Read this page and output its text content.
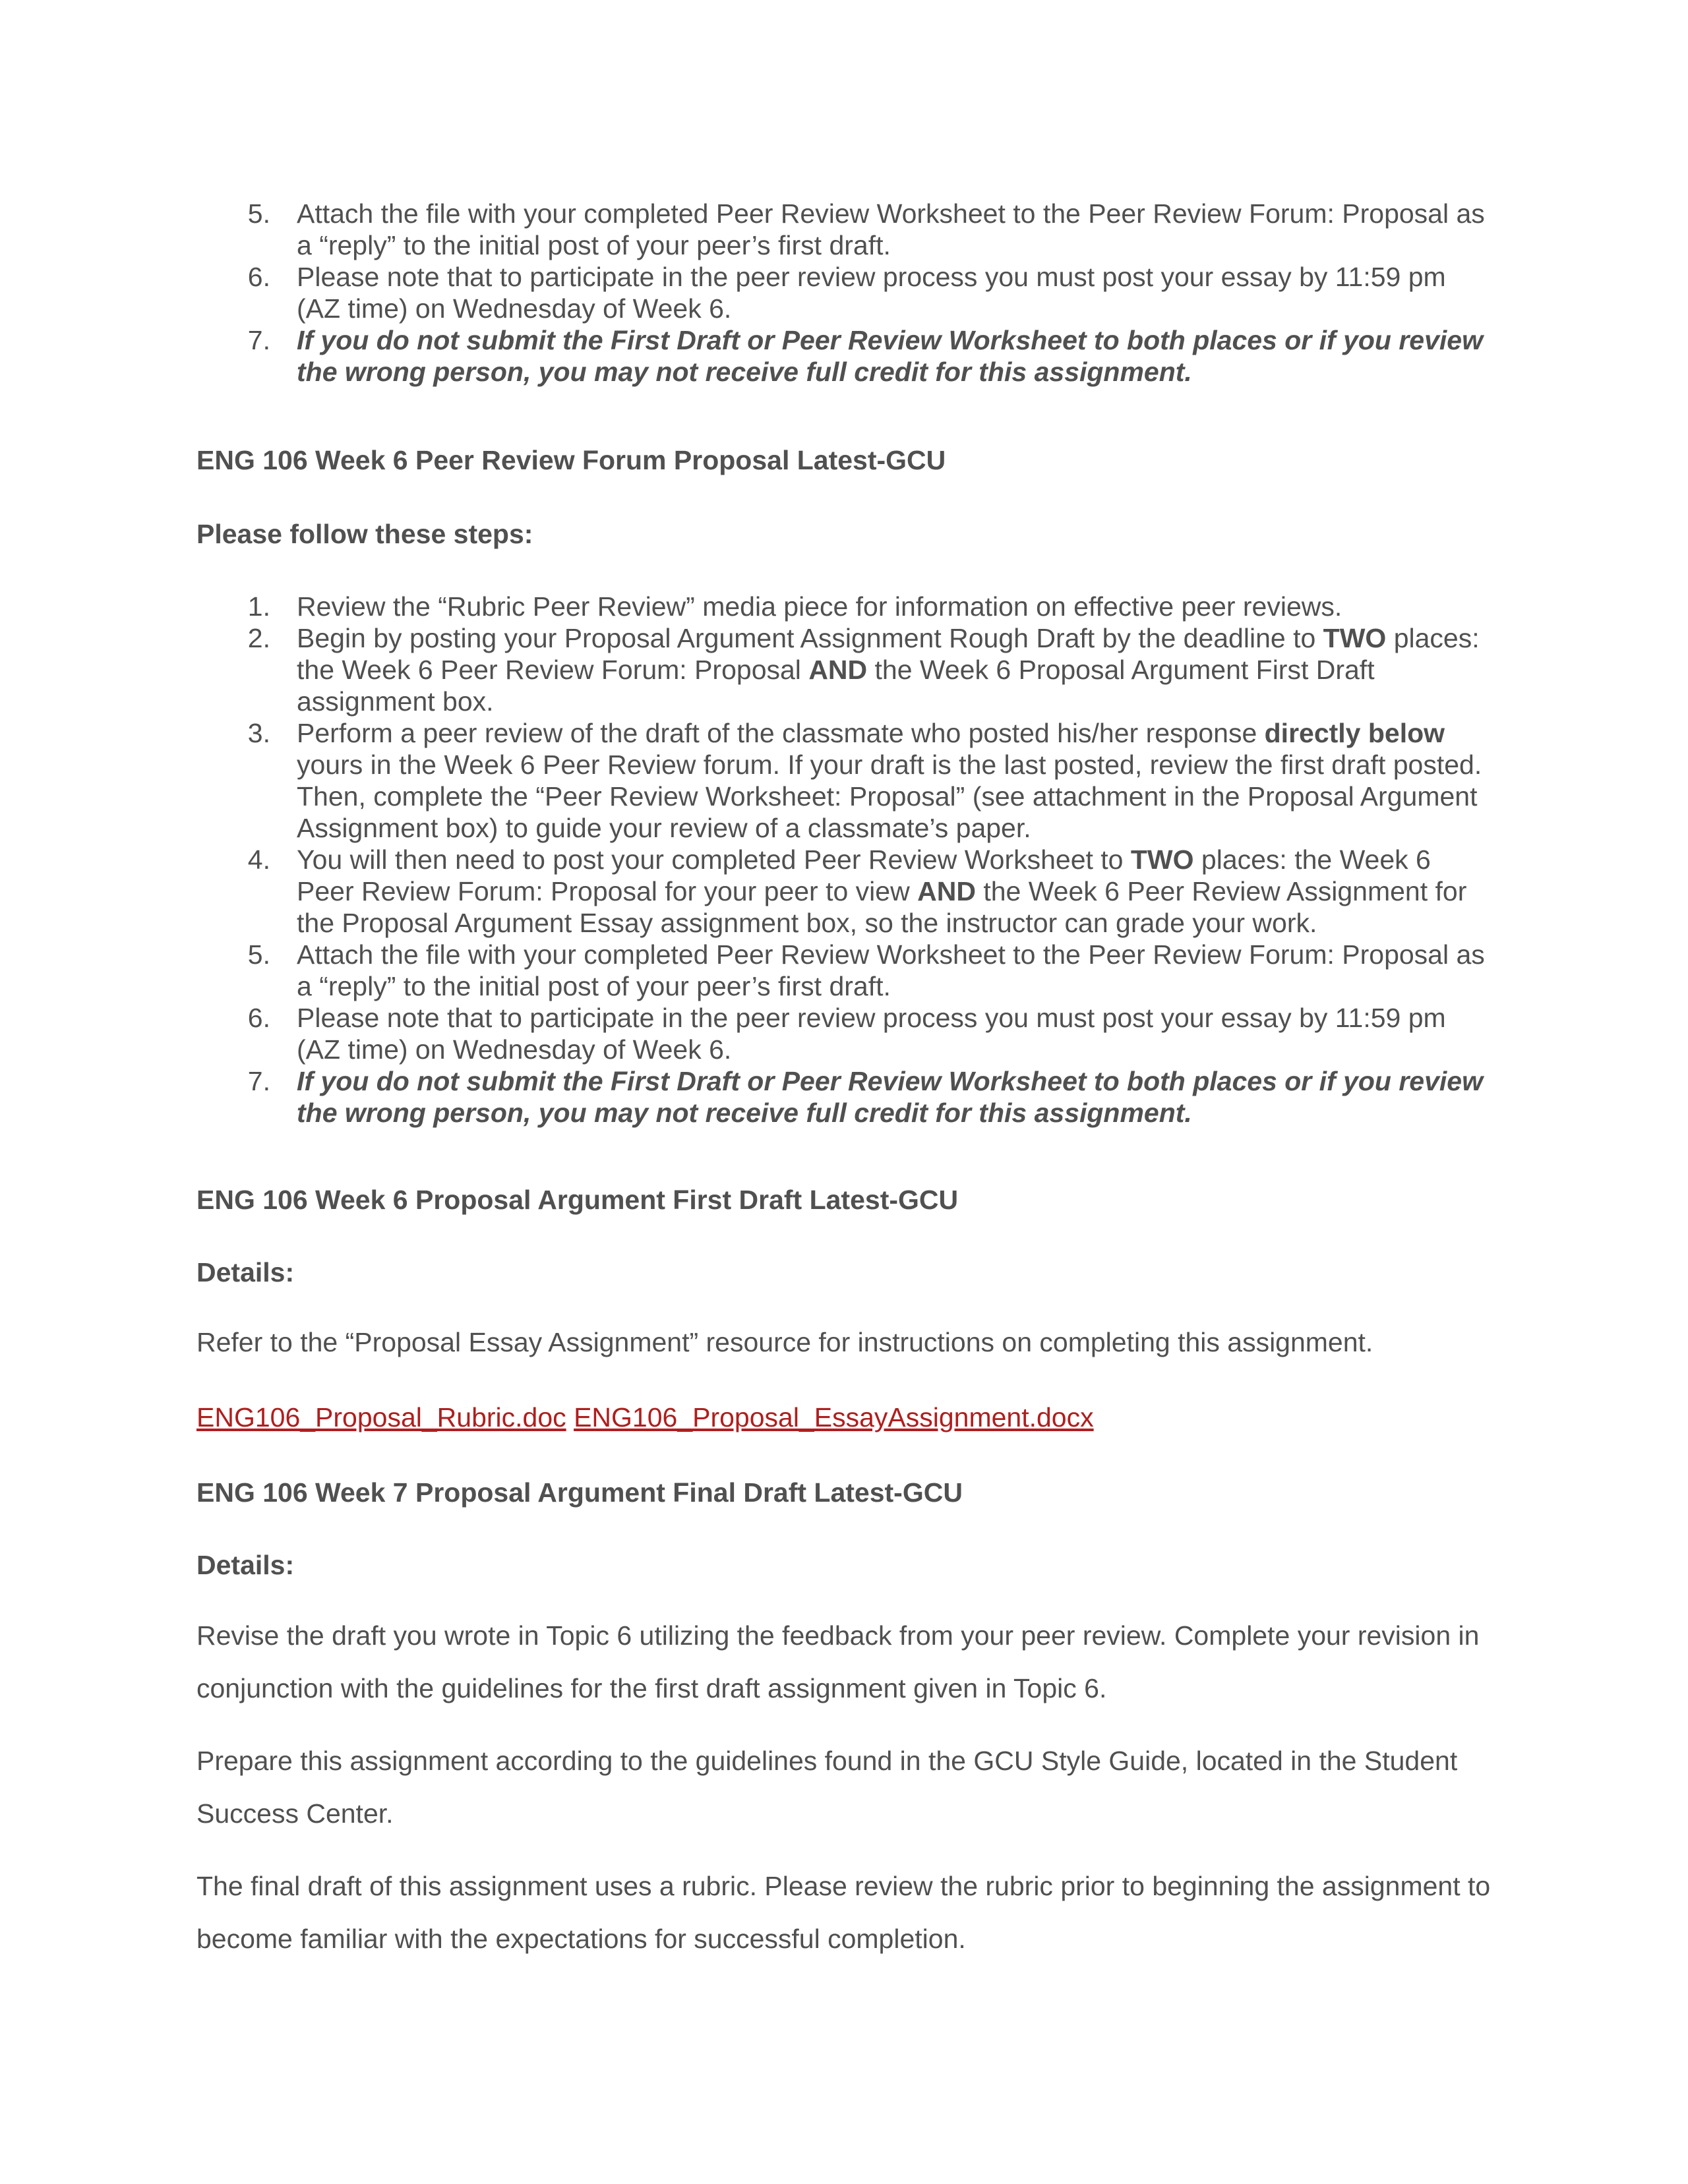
5. Attach the file with your completed Peer Review Worksheet to the Peer Review Forum: Proposal as a “reply” to the initial post of your peer’s first draft.
6. Please note that to participate in the peer review process you must post your essay by 11:59 pm (AZ time) on Wednesday of Week 6.
7. If you do not submit the First Draft or Peer Review Worksheet to both places or if you review the wrong person, you may not receive full credit for this assignment.
ENG 106 Week 6 Peer Review Forum Proposal Latest-GCU
Please follow these steps:
1. Review the “Rubric Peer Review” media piece for information on effective peer reviews.
2. Begin by posting your Proposal Argument Assignment Rough Draft by the deadline to TWO places: the Week 6 Peer Review Forum: Proposal AND the Week 6 Proposal Argument First Draft assignment box.
3. Perform a peer review of the draft of the classmate who posted his/her response directly below yours in the Week 6 Peer Review forum. If your draft is the last posted, review the first draft posted. Then, complete the “Peer Review Worksheet: Proposal” (see attachment in the Proposal Argument Assignment box) to guide your review of a classmate’s paper.
4. You will then need to post your completed Peer Review Worksheet to TWO places: the Week 6 Peer Review Forum: Proposal for your peer to view AND the Week 6 Peer Review Assignment for the Proposal Argument Essay assignment box, so the instructor can grade your work.
5. Attach the file with your completed Peer Review Worksheet to the Peer Review Forum: Proposal as a “reply” to the initial post of your peer’s first draft.
6. Please note that to participate in the peer review process you must post your essay by 11:59 pm (AZ time) on Wednesday of Week 6.
7. If you do not submit the First Draft or Peer Review Worksheet to both places or if you review the wrong person, you may not receive full credit for this assignment.
ENG 106 Week 6 Proposal Argument First Draft Latest-GCU
Details:

Refer to the “Proposal Essay Assignment” resource for instructions on completing this assignment.

ENG106_Proposal_Rubric.doc ENG106_Proposal_EssayAssignment.docx
ENG 106 Week 7 Proposal Argument Final Draft Latest-GCU
Details:

Revise the draft you wrote in Topic 6 utilizing the feedback from your peer review. Complete your revision in conjunction with the guidelines for the first draft assignment given in Topic 6.

Prepare this assignment according to the guidelines found in the GCU Style Guide, located in the Student Success Center.

The final draft of this assignment uses a rubric. Please review the rubric prior to beginning the assignment to become familiar with the expectations for successful completion.
